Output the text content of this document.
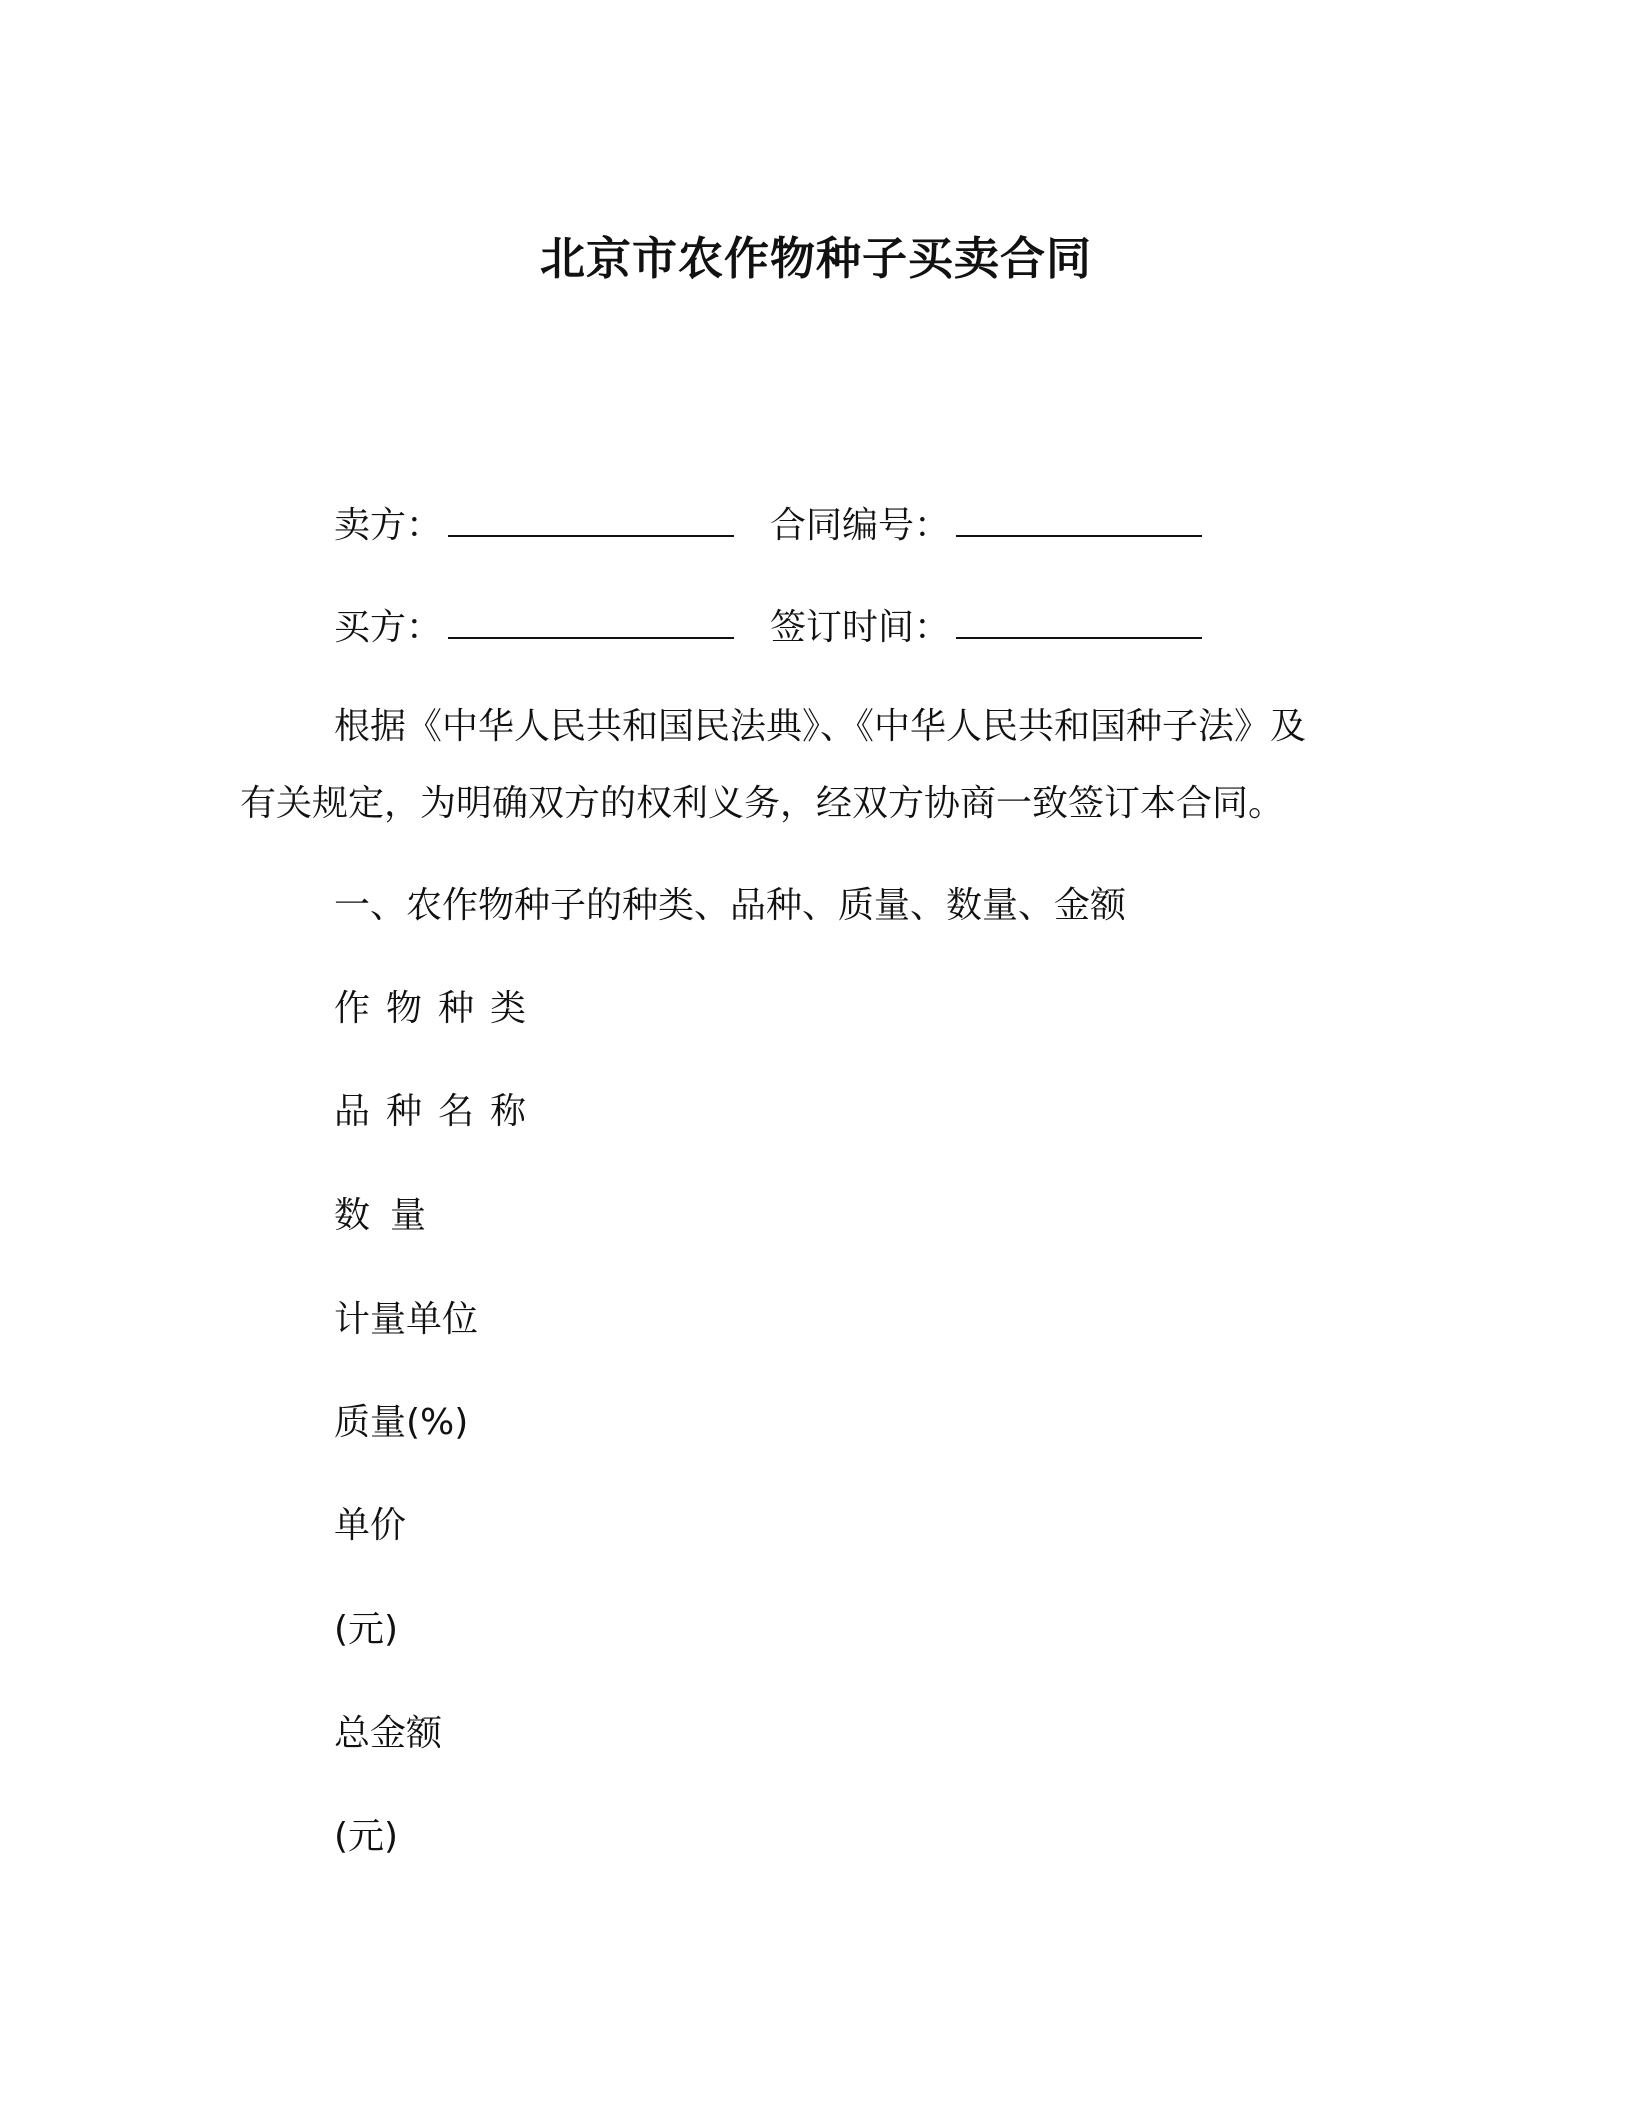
北京市农作物种子买卖合同
卖方：	合同编号：
买方：	签订时间：
根据《中华人民共和国民法典》、《中华人民共和国种子法》及
有关规定，为明确双方的权利义务，经双方协商一致签订本合同。
一、农作物种子的种类、品种、质量、数量、金额
作物种类
品种名称
数量
计量单位
质量(%)
单价
(元)
总金额
(元)
